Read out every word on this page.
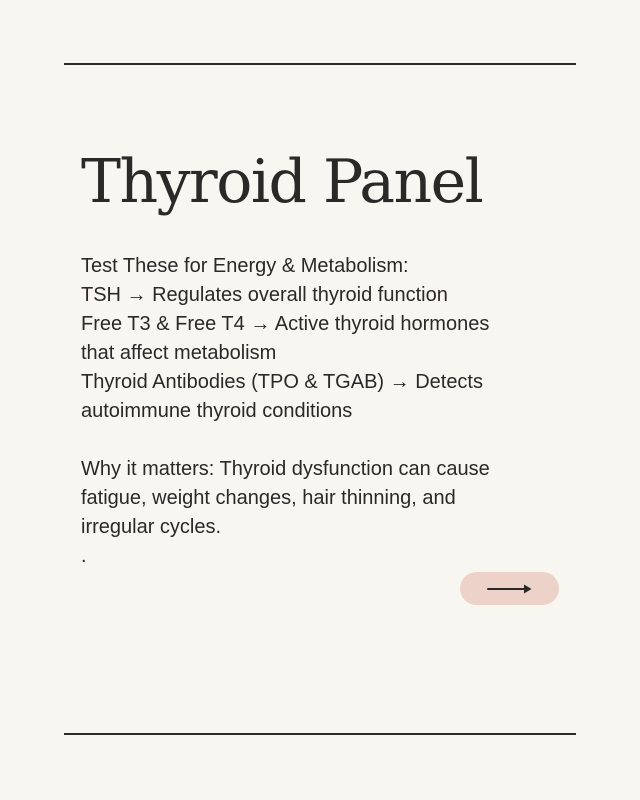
Thyroid Panel
Test These for Energy & Metabolism:
TSH → Regulates overall thyroid function
Free T3 & Free T4 → Active thyroid hormones
that affect metabolism
Thyroid Antibodies (TPO & TGAB) → Detects
autoimmune thyroid conditions
Why it matters: Thyroid dysfunction can cause
fatigue, weight changes, hair thinning, and
irregular cycles.
.
